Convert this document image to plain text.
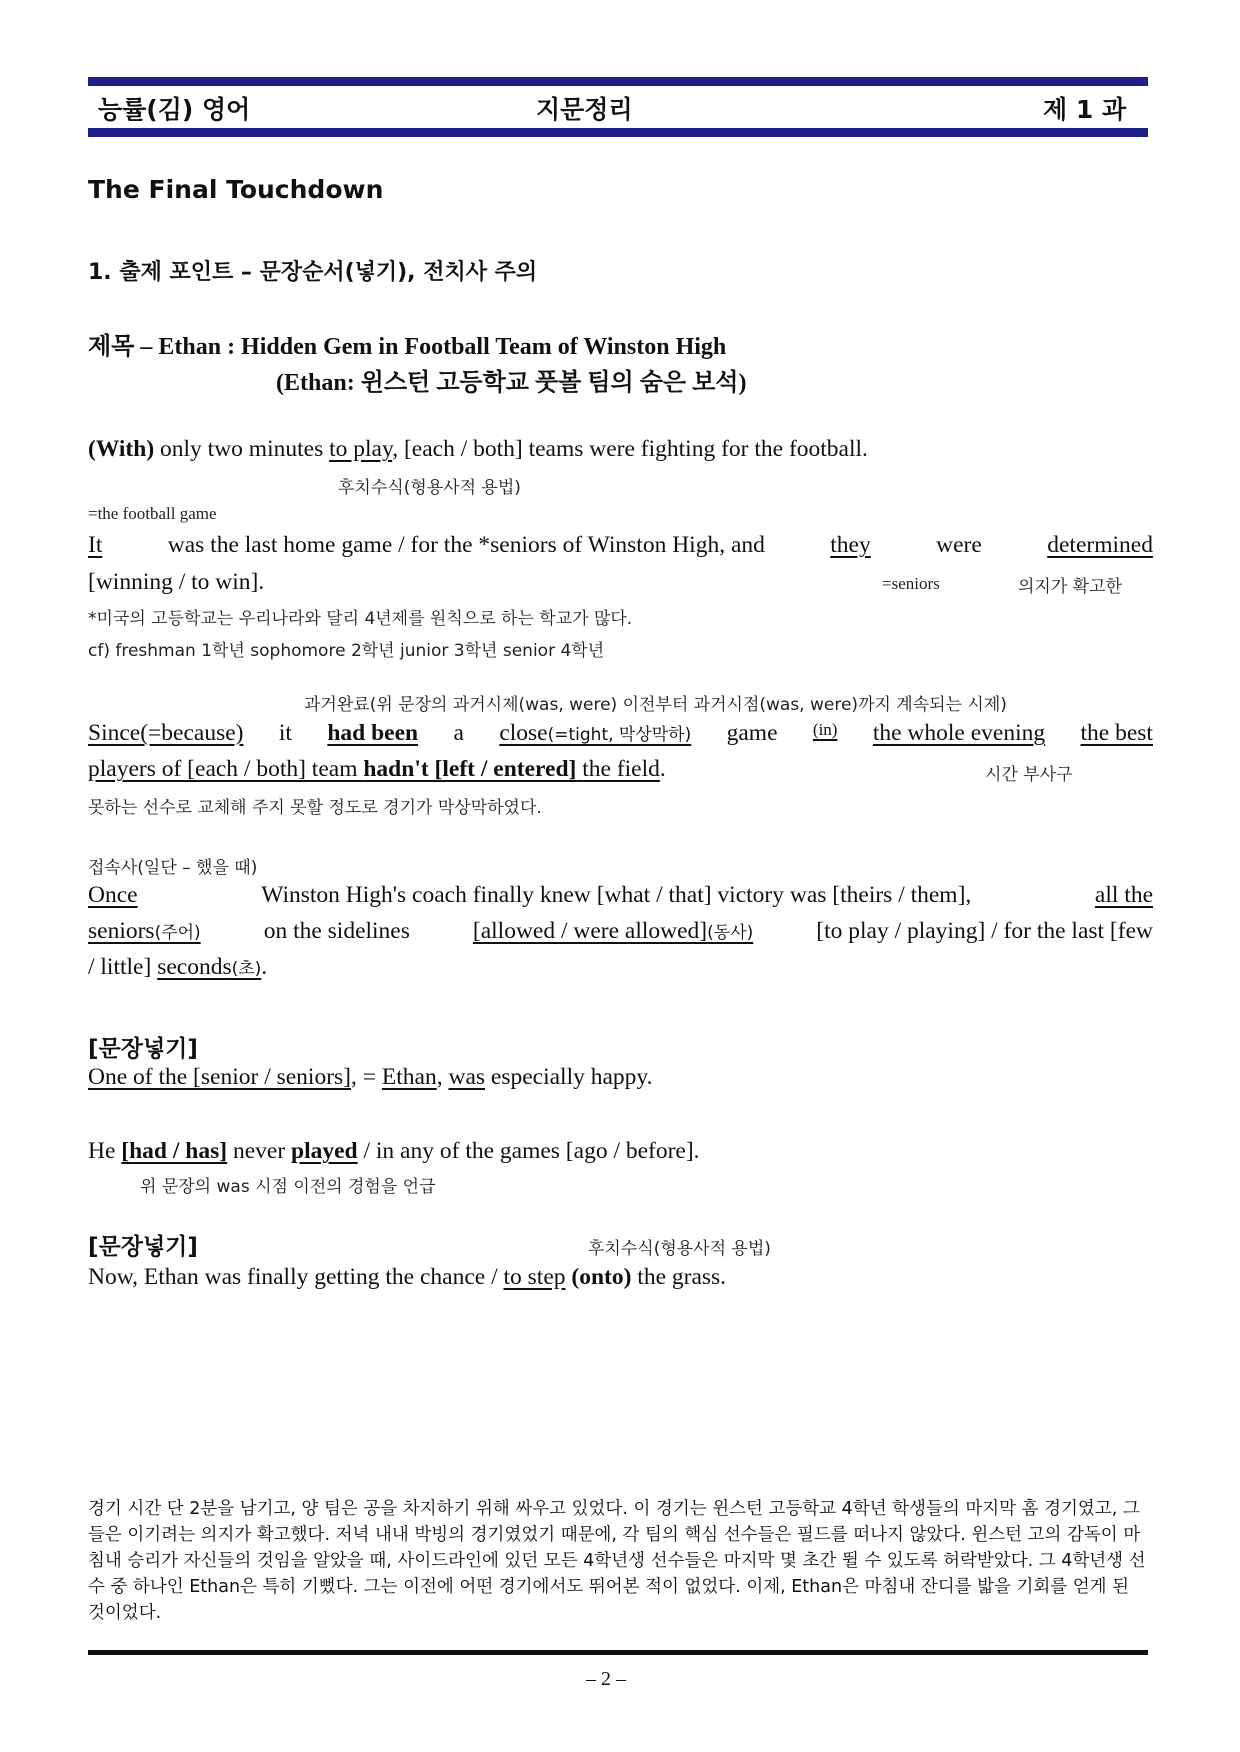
능률(김) 영어	지문정리	제 1 과
The Final Touchdown
1. 출제 포인트 – 문장순서(넣기), 전치사 주의
제목 – Ethan : Hidden Gem in Football Team of Winston High
(Ethan: 윈스턴 고등학교 풋볼 팀의 숨은 보석)
(With) only two minutes to play, [each / both] teams were fighting for the football.
후치수식(형용사적 용법)
=the football game
It	was the last home game / for the *seniors of Winston High, and	they	were	determined
[winning / to win].	=seniors	의지가 확고한
*미국의 고등학교는 우리나라와 달리 4년제를 원칙으로 하는 학교가 많다.
cf) freshman 1학년 sophomore 2학년 junior 3학년 senior 4학년
과거완료(위 문장의 과거시제(was, were) 이전부터 과거시점(was, were)까지 계속되는 시제)
Since(=because) it had been a close(=tight, 막상막하) game (in) the whole evening the best
players of [each / both] team hadn't [left / entered] the field.	시간 부사구
못하는 선수로 교체해 주지 못할 정도로 경기가 막상막하였다.
접속사(일단 – 했을 때)
Once	Winston High's coach finally knew [what / that] victory was [theirs / them],	all the
seniors(주어)	on the sidelines	[allowed / were allowed](동사)	[to play / playing] / for the last [few
/ little] seconds(초).
[문장넣기]
One of the [senior / seniors], = Ethan, was especially happy.
He [had / has] never played / in any of the games [ago / before].
위 문장의 was 시점 이전의 경험을 언급
[문장넣기]	후치수식(형용사적 용법)
Now, Ethan was finally getting the chance / to step (onto) the grass.
경기 시간 단 2분을 남기고, 양 팀은 공을 차지하기 위해 싸우고 있었다. 이 경기는 윈스턴 고등학교 4학년 학생들의 마지막 홈 경기였고, 그들은 이기려는 의지가 확고했다. 저녁 내내 박빙의 경기였었기 때문에, 각 팀의 핵심 선수들은 필드를 떠나지 않았다. 윈스턴 고의 감독이 마침내 승리가 자신들의 것임을 알았을 때, 사이드라인에 있던 모든 4학년생 선수들은 마지막 몇 초간 뛸 수 있도록 허락받았다. 그 4학년생 선수 중 하나인 Ethan은 특히 기뻤다. 그는 이전에 어떤 경기에서도 뛰어본 적이 없었다. 이제, Ethan은 마침내 잔디를 밟을 기회를 얻게 된 것이었다.
– 2 –
